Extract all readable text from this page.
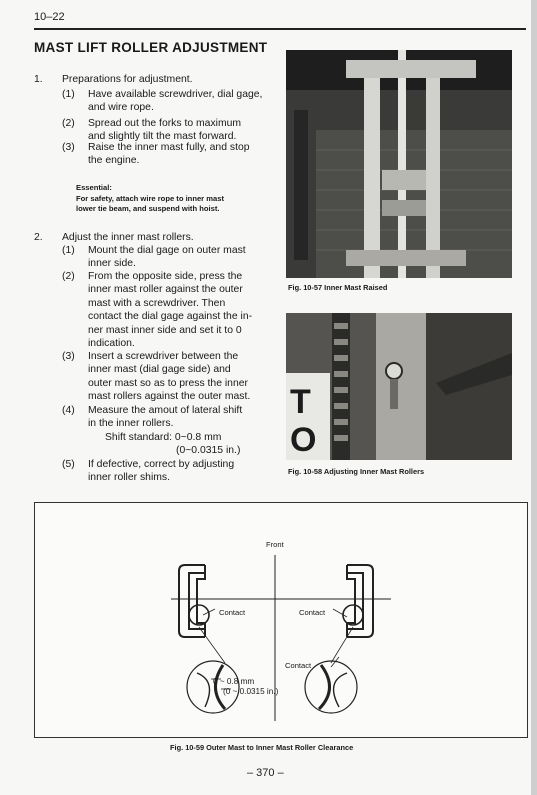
10–22
MAST LIFT ROLLER ADJUSTMENT
1. Preparations for adjustment.
(1) Have available screwdriver, dial gage,
and wire rope.
(2) Spread out the forks to maximum
and slightly tilt the mast forward.
(3) Raise the inner mast fully, and stop
the engine.
Essential:
For safety, attach wire rope to inner mast
lower tie beam, and suspend with hoist.
2. Adjust the inner mast rollers.
(1) Mount the dial gage on outer mast
inner side.
(2) From the opposite side, press the
inner mast roller against the outer
mast with a screwdriver. Then
contact the dial gage against the in-
ner mast inner side and set it to 0
indication.
(3) Insert a screwdriver between the
inner mast (dial gage side) and
outer mast so as to press the inner
mast rollers against the outer mast.
(4) Measure the amout of lateral shift
in the inner rollers.
Shift standard: 0~0.8 mm
(0~0.0315 in.)
(5) If defective, correct by adjusting
inner roller shims.
Fig. 10-57 Inner Mast Raised
T
O
Fig. 10-58 Adjusting Inner Mast Rollers
Front
Contact	Contact
Contact
0 ~ 0.8 mm
(0 ~ 0.0315 in.)
Fig. 10-59 Outer Mast to Inner Mast Roller Clearance
– 370 –
